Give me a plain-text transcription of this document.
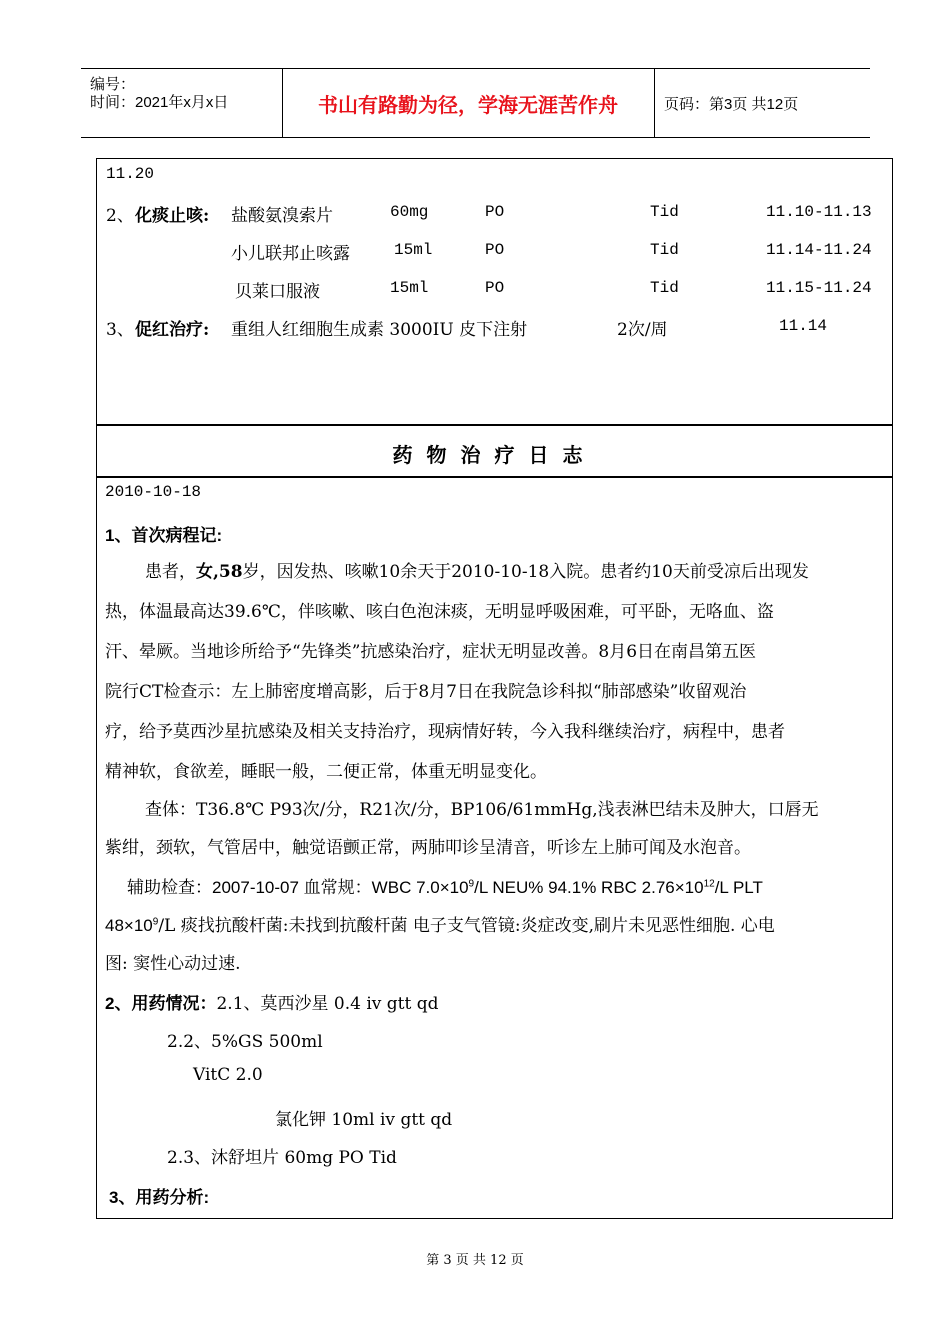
编号：
时间：2021年x月x日	书山有路勤为径，学海无涯苦作舟	页码：第3页 共12页
11.20
2、 化痰止咳: 盐酸氨溴索片	60mg	PO	Tid	11.10-11.13
小儿联邦止咳露	15ml	PO	Tid	11.14-11.24
贝莱口服液	15ml	PO	Tid	11.15-11.24
3、 促红治疗: 重组人红细胞生成素 3000IU 皮下注射	2次/周	11.14
药物治疗日志
2010-10-18
1、首次病程记:
患者，女,58岁，因发热、咳嗽10余天于2010-10-18入院。患者约10天前受凉后出现发
热，体温最高达39.6℃，伴咳嗽、咳白色泡沫痰，无明显呼吸困难，可平卧，无咯血、盗
汗、晕厥。当地诊所给予“先锋类”抗感染治疗，症状无明显改善。8月6日在南昌第五医
院行CT检查示：左上肺密度增高影，后于8月7日在我院急诊科拟“肺部感染”收留观治
疗，给予莫西沙星抗感染及相关支持治疗，现病情好转，今入我科继续治疗，病程中，患者
精神软，食欲差，睡眠一般，二便正常，体重无明显变化。
查体：T36.8℃ P93次/分，R21次/分，BP106/61mmHg,浅表淋巴结未及肿大，口唇无
紫绀，颈软，气管居中，触觉语颤正常，两肺叩诊呈清音，听诊左上肺可闻及水泡音。
辅助检查：2007-10-07 血常规：WBC $7.0\times 10^9/L$ NEU% 94.1% RBC $2.76\times 10^{12}/L$ PLT
$48\times 10^9/L$ 痰找抗酸杆菌:未找到抗酸杆菌 电子支气管镜:炎症改变,刷片未见恶性细胞. 心电
图: 窦性心动过速.
2、用药情况：2.1、莫西沙星 0.4 iv gtt qd
2.2、5%GS 500ml
VitC 2.0
氯化钾 10ml iv gtt qd
2.3、沐舒坦片 60mg PO Tid
3、用药分析:
第 3 页 共 12 页
